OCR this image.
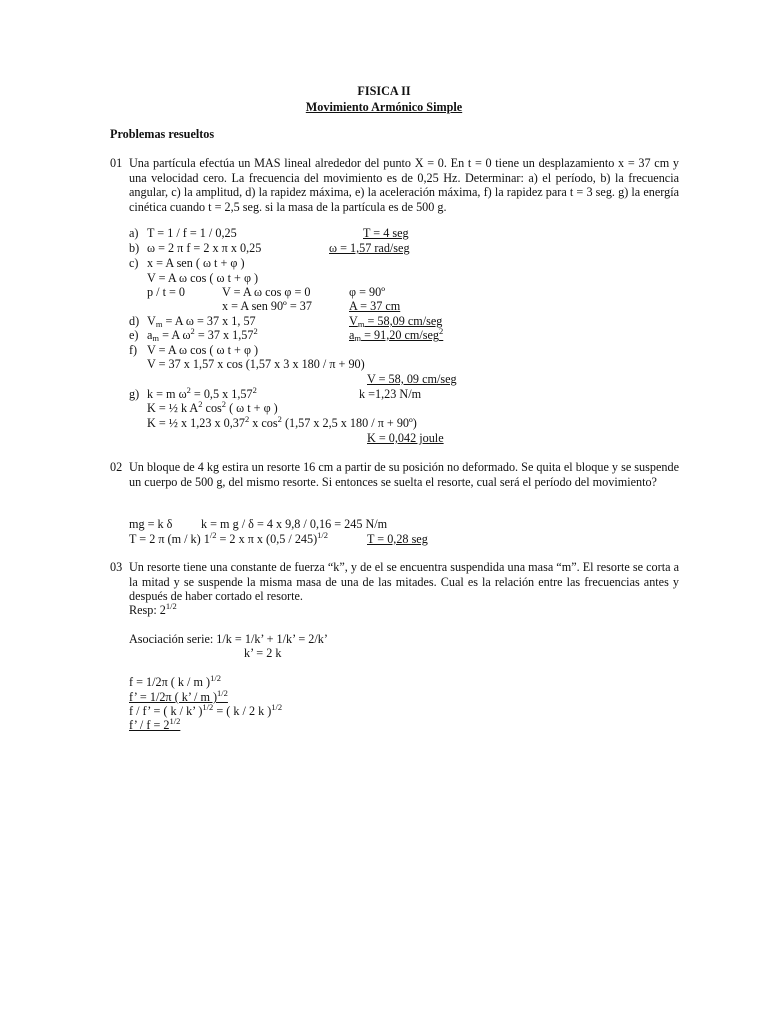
FISICA II
Movimiento Armónico Simple
Problemas resueltos
01 Una partícula efectúa un MAS lineal alrededor del punto X = 0. En t = 0 tiene un desplazamiento x = 37 cm y una velocidad cero. La frecuencia del movimiento es de 0,25 Hz. Determinar: a) el período, b) la frecuencia angular, c) la amplitud, d) la rapidez máxima, e) la aceleración máxima, f) la rapidez para t = 3 seg. g) la energía cinética cuando t = 2,5 seg. si la masa de la partícula es de 500 g.
a) T = 1 / f = 1 / 0,25	T = 4 seg
b) ω = 2 π f = 2 x π x 0,25	ω = 1,57 rad/seg
c) x = A sen ( ω t + φ )
V = A ω cos ( ω t + φ )
p / t = 0	V = A ω cos φ = 0	φ = 90º
x = A sen 90º = 37	A = 37 cm
d) Vm = A ω = 37 x 1, 57	Vm = 58,09 cm/seg
e) am = A $\omega^2 = 37$ x 1,57$^2$	am = 91,20 cm/seg$^2$
f) V = A ω cos ( ω t + φ )
V = 37 x 1,57 x cos (1,57 x 3 x 180 / π + 90)
V = 58, 09 cm/seg
g) k = m $\omega^2 = 0,5$ x 1,57$^2$	k =1,23 N/m
K = ½ k $A^2$ $\cos^2$ ( ω t + φ )
K = ½ x 1,23 x 0,37$^2$ x $\cos^2 (1,57$ x 2,5 x 180 / π + 90º)
K = 0,042 joule
02 Un bloque de 4 kg estira un resorte 16 cm a partir de su posición no deformado. Se quita el bloque y se suspende un cuerpo de 500 g, del mismo resorte. Si entonces se suelta el resorte, cual será el período del movimiento?
mg = k δ k = m g / δ = 4 x 9,8 / 0,16 = 245 N/m
T = 2 π (m / k) $1^{/2} = 2$ x π x (0,5 / 245)$^{1/2}$	T = 0,28 seg
03 Un resorte tiene una constante de fuerza “k”, y de el se encuentra suspendida una masa “m”. El resorte se corta a la mitad y se suspende la misma masa de una de las mitades. Cual es la relación entre las frecuencias antes y después de haber cortado el resorte.
Resp: $2^{1/2}$
Asociación serie: 1/k = 1/k’ + 1/k’ = 2/k’
k’ = 2 k
f = 1/2π ( k / m )$^{1/2}$
f’ = 1/2π ( k’ / m )$^{1/2}$
f / f’ = ( k / k’ )$^{1/2}$ = ( k / 2 k )$^{1/2}$
f’ / $f = 2^{1/2}$
